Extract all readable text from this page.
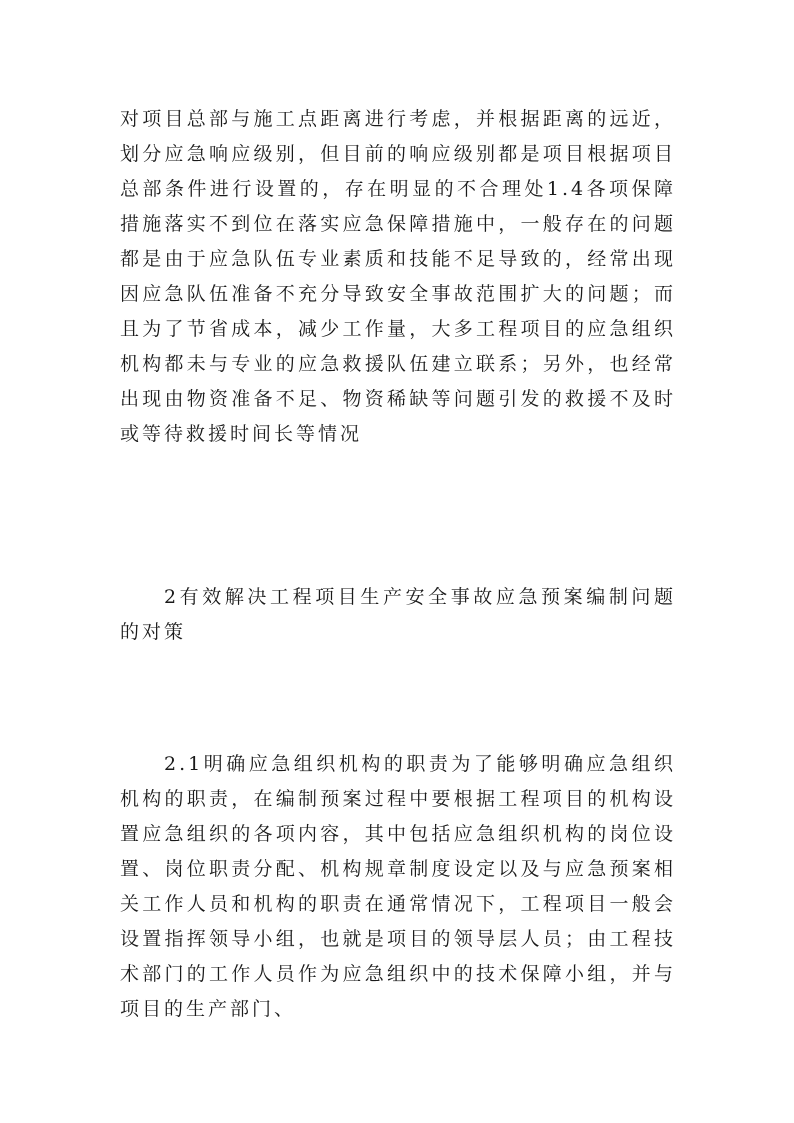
对项目总部与施工点距离进行考虑，并根据距离的远近，划分应急响应级别，但目前的响应级别都是项目根据项目总部条件进行设置的，存在明显的不合理处1.4各项保障措施落实不到位在落实应急保障措施中，一般存在的问题都是由于应急队伍专业素质和技能不足导致的，经常出现因应急队伍准备不充分导致安全事故范围扩大的问题；而且为了节省成本，减少工作量，大多工程项目的应急组织机构都未与专业的应急救援队伍建立联系；另外，也经常出现由物资准备不足、物资稀缺等问题引发的救援不及时或等待救援时间长等情况
2有效解决工程项目生产安全事故应急预案编制问题的对策
2.1明确应急组织机构的职责为了能够明确应急组织机构的职责，在编制预案过程中要根据工程项目的机构设置应急组织的各项内容，其中包括应急组织机构的岗位设置、岗位职责分配、机构规章制度设定以及与应急预案相关工作人员和机构的职责在通常情况下，工程项目一般会设置指挥领导小组，也就是项目的领导层人员；由工程技术部门的工作人员作为应急组织中的技术保障小组，并与项目的生产部门、
